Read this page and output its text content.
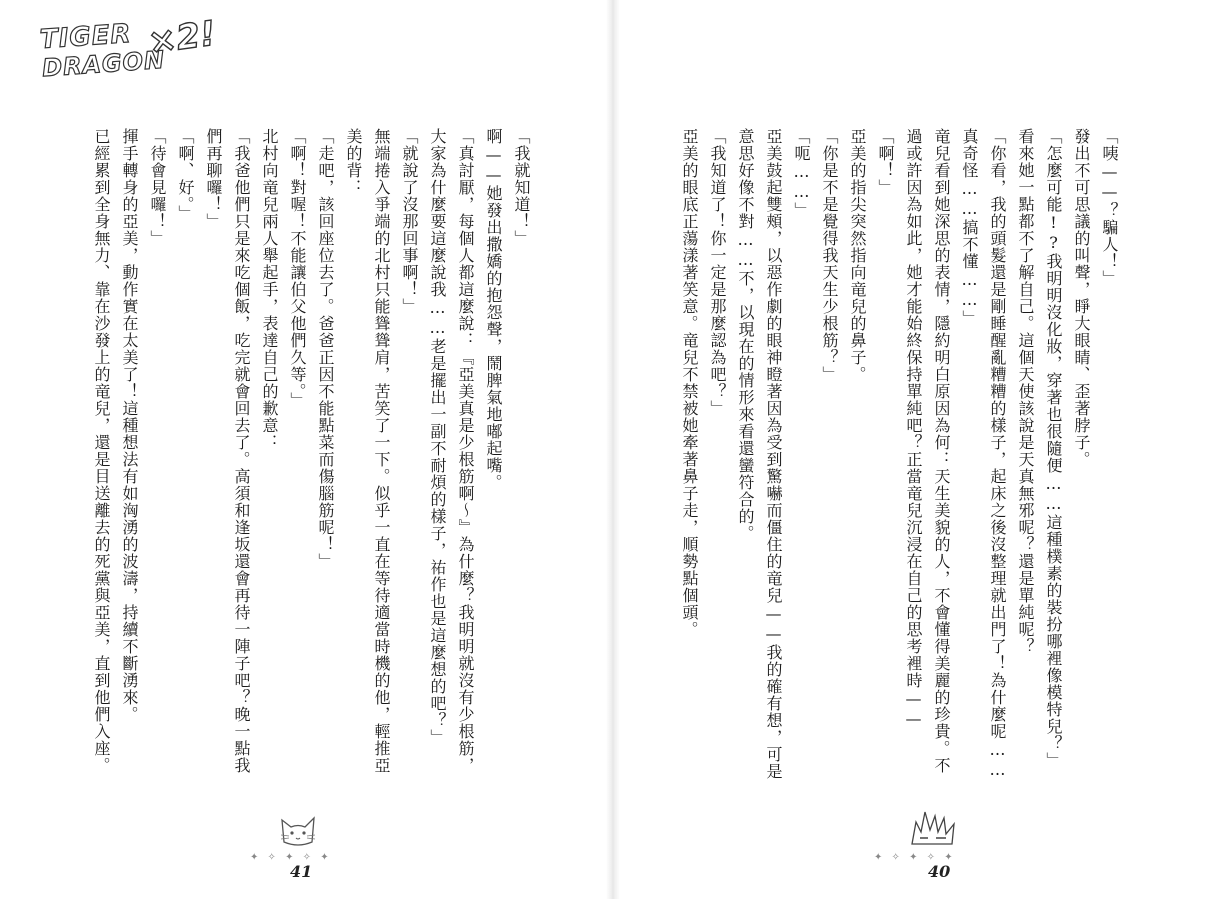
TIGER
DRAGON
×2!
「我就知道！」
啊——她發出撒嬌的抱怨聲，鬧脾氣地嘟起嘴。
「真討厭，每個人都這麼說：『亞美真是少根筋啊～』為什麼？我明明就沒有少根筋，
大家為什麼要這麼說我……老是擺出一副不耐煩的樣子，祐作也是這麼想的吧？」
「就說了沒那回事啊！」
無端捲入爭端的北村只能聳聳肩，苦笑了一下。似乎一直在等待適當時機的他，輕推亞
美的背：
「走吧，該回座位去了。爸爸正因不能點菜而傷腦筋呢！」
「啊！對喔！不能讓伯父他們久等。」
北村向竜兒兩人舉起手，表達自己的歉意：
「我爸他們只是來吃個飯，吃完就會回去了。高須和逢坂還會再待一陣子吧？晚一點我
們再聊囉！」
「啊、好。」
「待會見囉！」
揮手轉身的亞美，動作實在太美了！這種想法有如洶湧的波濤，持續不斷湧來。
已經累到全身無力、靠在沙發上的竜兒，還是目送離去的死黨與亞美，直到他們入座。
✦ ✧ ✦ ✧ ✦
41
「咦——？騙人！」
發出不可思議的叫聲，睜大眼睛、歪著脖子。
「怎麼可能!?我明明沒化妝，穿著也很隨便……這種樸素的裝扮哪裡像模特兒？」
看來她一點都不了解自己。這個天使該說是天真無邪呢？還是單純呢？
「你看，我的頭髮還是剛睡醒亂糟糟的樣子，起床之後沒整理就出門了！為什麼呢……
真奇怪……搞不懂……」
竜兒看到她深思的表情，隱約明白原因為何：天生美貌的人，不會懂得美麗的珍貴。不
過或許因為如此，她才能始終保持單純吧？正當竜兒沉浸在自己的思考裡時——
「啊！」
亞美的指尖突然指向竜兒的鼻子。
「你是不是覺得我天生少根筋？」
「呃……」
亞美鼓起雙頰，以惡作劇的眼神瞪著因為受到驚嚇而僵住的竜兒——我的確有想，可是
意思好像不對……不，以現在的情形來看還蠻符合的。
「我知道了！你一定是那麼認為吧？」
亞美的眼底正蕩漾著笑意。竜兒不禁被她牽著鼻子走，順勢點個頭。
✦ ✧ ✦ ✧ ✦
40
